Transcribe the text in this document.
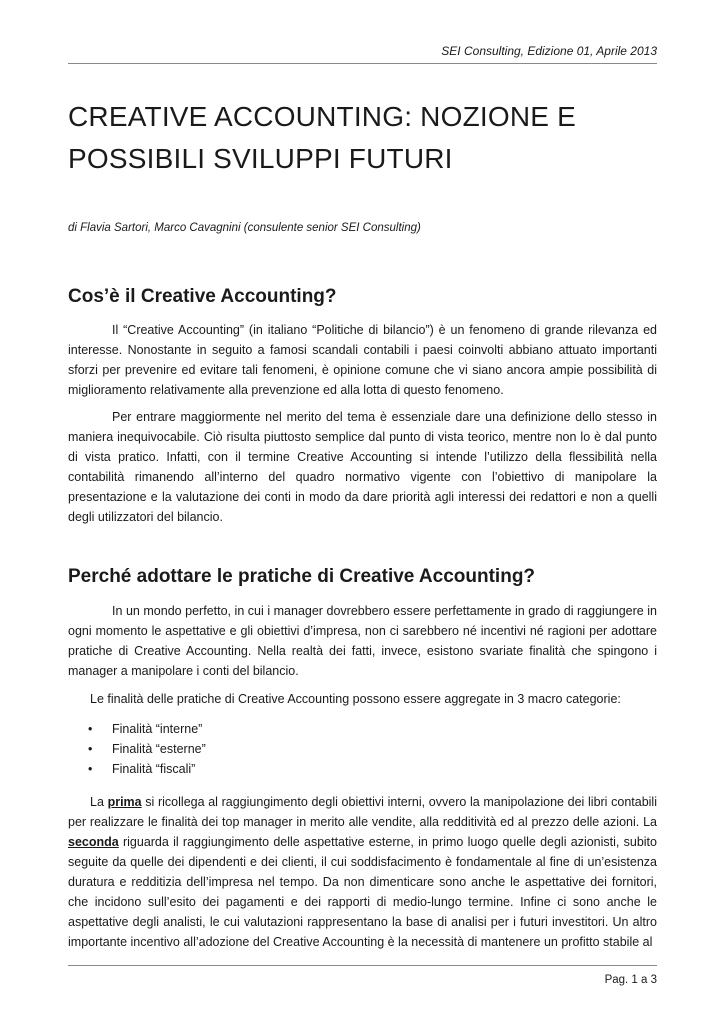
SEI Consulting, Edizione 01, Aprile 2013
CREATIVE ACCOUNTING: NOZIONE E
POSSIBILI SVILUPPI FUTURI
di Flavia Sartori, Marco Cavagnini (consulente senior SEI Consulting)
Cos’è il Creative Accounting?

Il “Creative Accounting” (in italiano “Politiche di bilancio”) è un fenomeno di grande rilevanza ed interesse. Nonostante in seguito a famosi scandali contabili i paesi coinvolti abbiano attuato importanti sforzi per prevenire ed evitare tali fenomeni, è opinione comune che vi siano ancora ampie possibilità di miglioramento relativamente alla prevenzione ed alla lotta di questo fenomeno.

Per entrare maggiormente nel merito del tema è essenziale dare una definizione dello stesso in maniera inequivocabile. Ciò risulta piuttosto semplice dal punto di vista teorico, mentre non lo è dal punto di vista pratico. Infatti, con il termine Creative Accounting si intende l’utilizzo della flessibilità nella contabilità rimanendo all’interno del quadro normativo vigente con l’obiettivo di manipolare la presentazione e la valutazione dei conti in modo da dare priorità agli interessi dei redattori e non a quelli degli utilizzatori del bilancio.

Perché adottare le pratiche di Creative Accounting?

In un mondo perfetto, in cui i manager dovrebbero essere perfettamente in grado di raggiungere in ogni momento le aspettative e gli obiettivi d’impresa, non ci sarebbero né incentivi né ragioni per adottare pratiche di Creative Accounting. Nella realtà dei fatti, invece, esistono svariate finalità che spingono i manager a manipolare i conti del bilancio.

Le finalità delle pratiche di Creative Accounting possono essere aggregate in 3 macro categorie:

• Finalità “interne”
• Finalità “esterne”
• Finalità “fiscali”

La prima si ricollega al raggiungimento degli obiettivi interni, ovvero la manipolazione dei libri contabili per realizzare le finalità dei top manager in merito alle vendite, alla redditività ed al prezzo delle azioni. La seconda riguarda il raggiungimento delle aspettative esterne, in primo luogo quelle degli azionisti, subito seguite da quelle dei dipendenti e dei clienti, il cui soddisfacimento è fondamentale al fine di un’esistenza duratura e redditizia dell’impresa nel tempo. Da non dimenticare sono anche le aspettative dei fornitori, che incidono sull’esito dei pagamenti e dei rapporti di medio-lungo termine. Infine ci sono anche le aspettative degli analisti, le cui valutazioni rappresentano la base di analisi per i futuri investitori. Un altro importante incentivo all’adozione del Creative Accounting è la necessità di mantenere un profitto stabile al

Pag. 1 a 3
